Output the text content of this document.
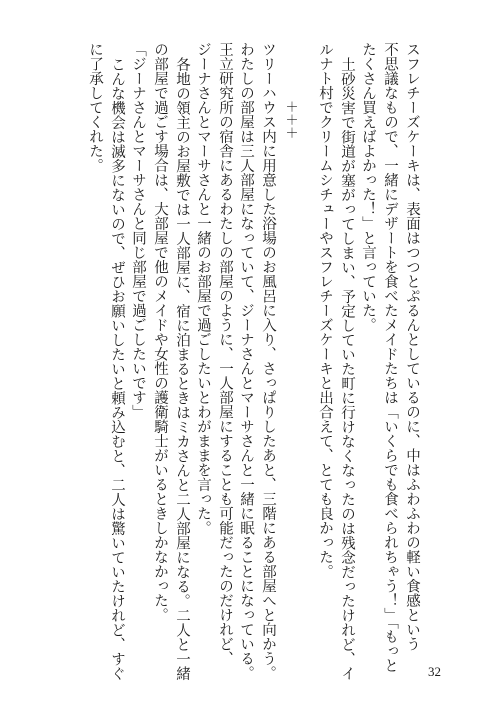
スフレチーズケーキは、表面はつつとぷるんとしているのに、中はふわふわの軽い食感という
不思議なもので、一緒にデザートを食べたメイドたちは「いくらでも食べられちゃう！」「もっと
たくさん買えばよかった！」と言っていた。
土砂災害で街道が塞がってしまい、予定していた町に行けなくなったのは残念だったけれど、イ
ルナト村でクリームシチューやスフレチーズケーキと出合えて、とても良かった。
＋＋＋
ツリーハウス内に用意した浴場のお風呂に入り、さっぱりしたあと、三階にある部屋へと向かう。
わたしの部屋は三人部屋になっていて、ジーナさんとマーサさんと一緒に眠ることになっている。
王立研究所の宿舎にあるわたしの部屋のように、一人部屋にすることも可能だったのだけれど、
ジーナさんとマーサさんと一緒のお部屋で過ごしたいとわがままを言った。
各地の領主のお屋敷では一人部屋に、宿に泊まるときはミカさんと二人部屋になる。二人と一緒
の部屋で過ごす場合は、大部屋で他のメイドや女性の護衛騎士がいるときしかなかった。
「ジーナさんとマーサさんと同じ部屋で過ごしたいです」
こんな機会は滅多にないので、ぜひお願いしたいと頼み込むと、二人は驚いていたけれど、すぐ
に了承してくれた。
32
